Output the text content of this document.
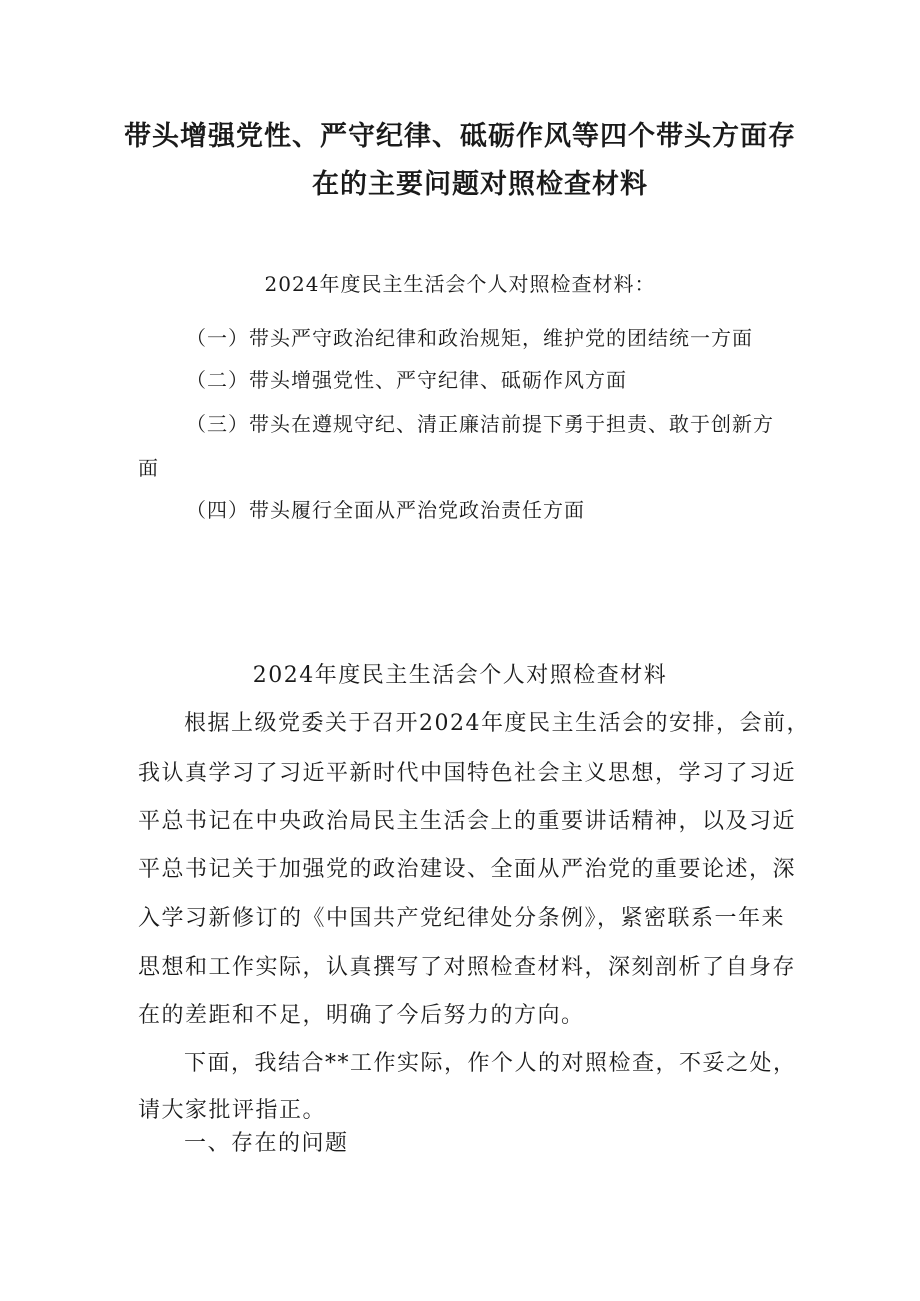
带头增强党性、严守纪律、砥砺作风等四个带头方面存
在的主要问题对照检查材料
2024年度民主生活会个人对照检查材料：
（一）带头严守政治纪律和政治规矩，维护党的团结统一方面
（二）带头增强党性、严守纪律、砥砺作风方面
（三）带头在遵规守纪、清正廉洁前提下勇于担责、敢于创新方
面
（四）带头履行全面从严治党政治责任方面
2024年度民主生活会个人对照检查材料
根据上级党委关于召开2024年度民主生活会的安排，会前，
我认真学习了习近平新时代中国特色社会主义思想，学习了习近
平总书记在中央政治局民主生活会上的重要讲话精神，以及习近
平总书记关于加强党的政治建设、全面从严治党的重要论述，深
入学习新修订的《中国共产党纪律处分条例》，紧密联系一年来
思想和工作实际，认真撰写了对照检查材料，深刻剖析了自身存
在的差距和不足，明确了今后努力的方向。
下面，我结合**工作实际，作个人的对照检查，不妥之处，
请大家批评指正。
一、存在的问题
